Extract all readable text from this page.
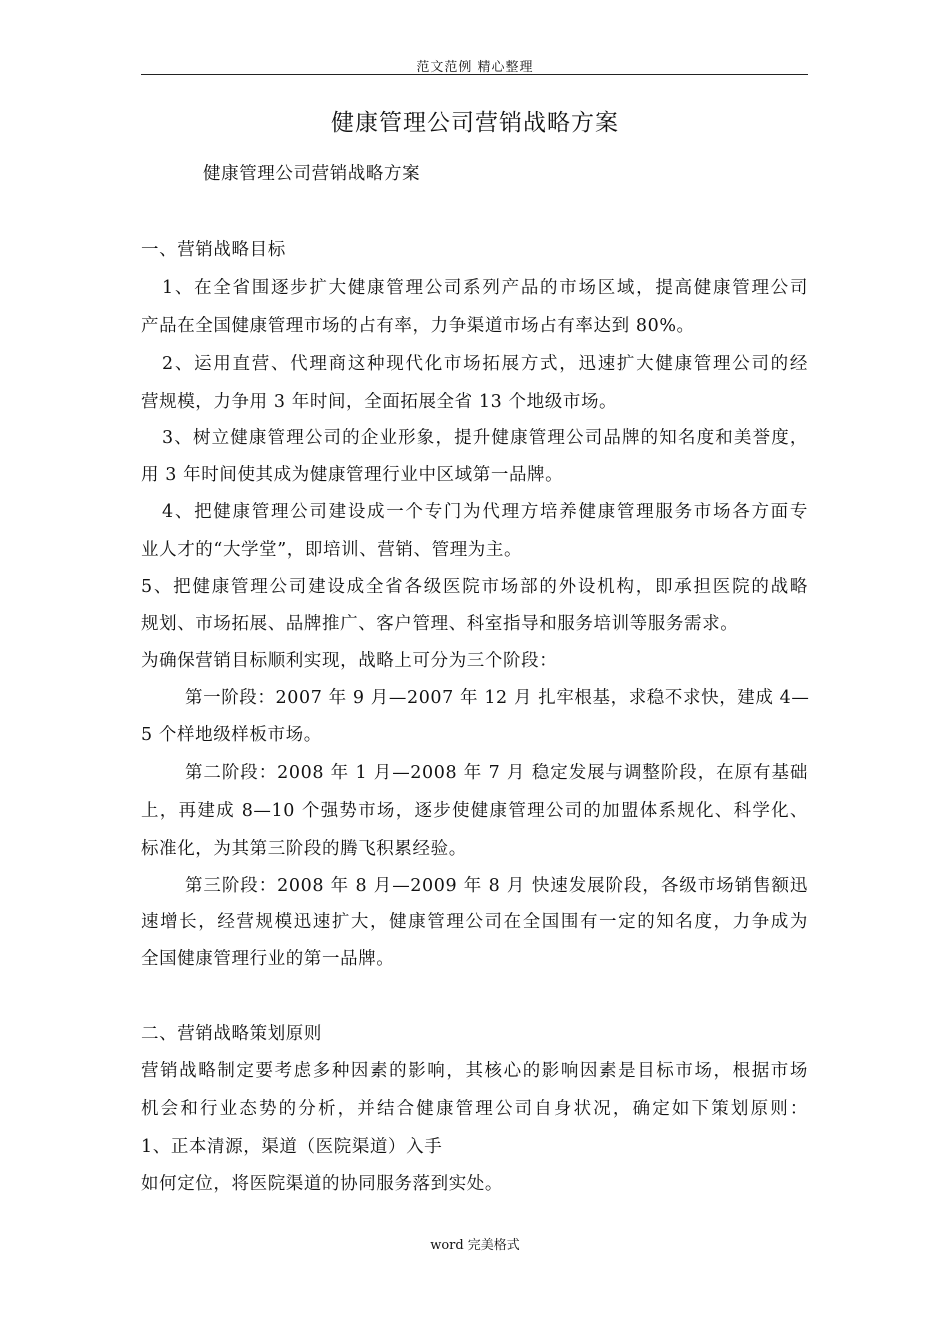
范文范例 精心整理
健康管理公司营销战略方案
健康管理公司营销战略方案
一、营销战略目标
1、在全省围逐步扩大健康管理公司系列产品的市场区域，提高健康管理公司
产品在全国健康管理市场的占有率，力争渠道市场占有率达到 80%。
2、运用直营、代理商这种现代化市场拓展方式，迅速扩大健康管理公司的经
营规模，力争用 3 年时间，全面拓展全省 13 个地级市场。
3、树立健康管理公司的企业形象，提升健康管理公司品牌的知名度和美誉度，
用 3 年时间使其成为健康管理行业中区域第一品牌。
4、把健康管理公司建设成一个专门为代理方培养健康管理服务市场各方面专
业人才的“大学堂”，即培训、营销、管理为主。
5、把健康管理公司建设成全省各级医院市场部的外设机构，即承担医院的战略
规划、市场拓展、品牌推广、客户管理、科室指导和服务培训等服务需求。
为确保营销目标顺利实现，战略上可分为三个阶段：
第一阶段：2007 年 9 月—2007 年 12 月 扎牢根基，求稳不求快，建成 4—
5 个样地级样板市场。
第二阶段：2008 年 1 月—2008 年 7 月 稳定发展与调整阶段，在原有基础
上，再建成 8—10 个强势市场，逐步使健康管理公司的加盟体系规化、科学化、
标准化，为其第三阶段的腾飞积累经验。
第三阶段：2008 年 8 月—2009 年 8 月 快速发展阶段，各级市场销售额迅
速增长，经营规模迅速扩大，健康管理公司在全国围有一定的知名度，力争成为
全国健康管理行业的第一品牌。
二、营销战略策划原则
营销战略制定要考虑多种因素的影响，其核心的影响因素是目标市场，根据市场
机会和行业态势的分析，并结合健康管理公司自身状况，确定如下策划原则：
1、正本清源，渠道（医院渠道）入手
如何定位，将医院渠道的协同服务落到实处。
word 完美格式
